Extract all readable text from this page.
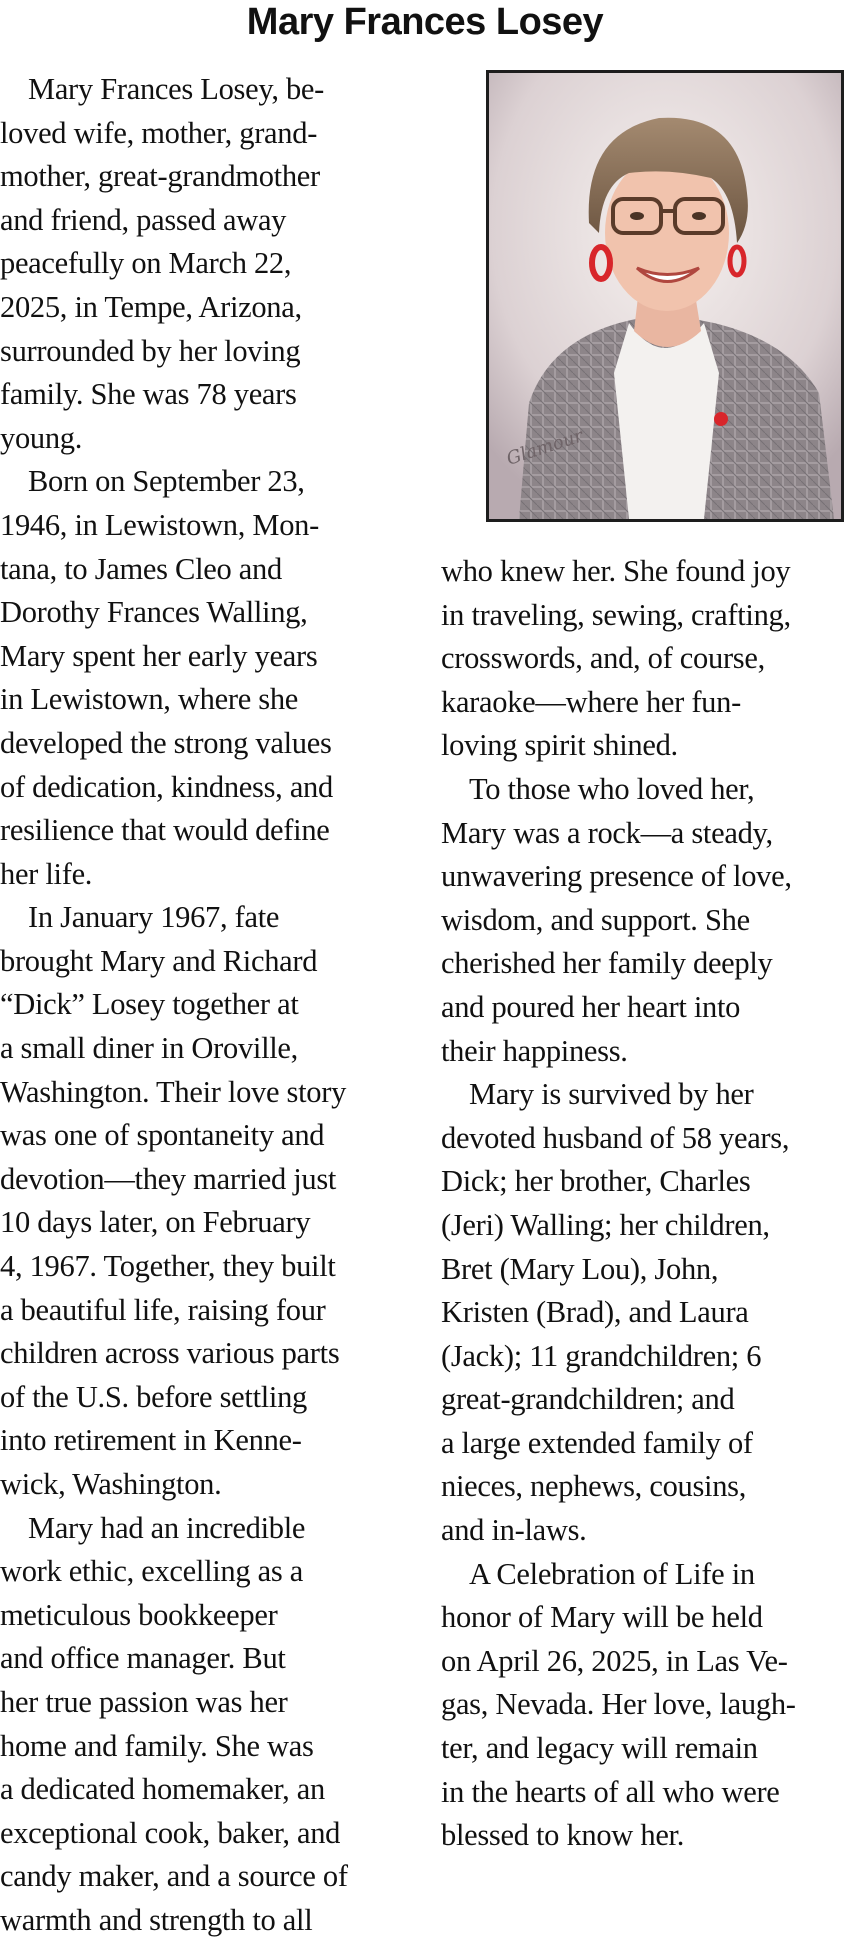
Mary Frances Losey
Mary Frances Losey, be-
loved wife, mother, grand-
mother, great-grandmother
and friend, passed away
peacefully on March 22,
2025, in Tempe, Arizona,
surrounded by her loving
family. She was 78 years
young.
Born on September 23,
1946, in Lewistown, Mon-
tana, to James Cleo and
Dorothy Frances Walling,
Mary spent her early years
in Lewistown, where she
developed the strong values
of dedication, kindness, and
resilience that would define
her life.
In January 1967, fate
brought Mary and Richard
“Dick” Losey together at
a small diner in Oroville,
Washington. Their love story
was one of spontaneity and
devotion—they married just
10 days later, on February
4, 1967. Together, they built
a beautiful life, raising four
children across various parts
of the U.S. before settling
into retirement in Kenne-
wick, Washington.
Mary had an incredible
work ethic, excelling as a
meticulous bookkeeper
and office manager. But
her true passion was her
home and family. She was
a dedicated homemaker, an
exceptional cook, baker, and
candy maker, and a source of
warmth and strength to all
Glamour
who knew her. She found joy
in traveling, sewing, crafting,
crosswords, and, of course,
karaoke—where her fun-
loving spirit shined.
To those who loved her,
Mary was a rock—a steady,
unwavering presence of love,
wisdom, and support. She
cherished her family deeply
and poured her heart into
their happiness.
Mary is survived by her
devoted husband of 58 years,
Dick; her brother, Charles
(Jeri) Walling; her children,
Bret (Mary Lou), John,
Kristen (Brad), and Laura
(Jack); 11 grandchildren; 6
great-grandchildren; and
a large extended family of
nieces, nephews, cousins,
and in-laws.
A Celebration of Life in
honor of Mary will be held
on April 26, 2025, in Las Ve-
gas, Nevada. Her love, laugh-
ter, and legacy will remain
in the hearts of all who were
blessed to know her.
